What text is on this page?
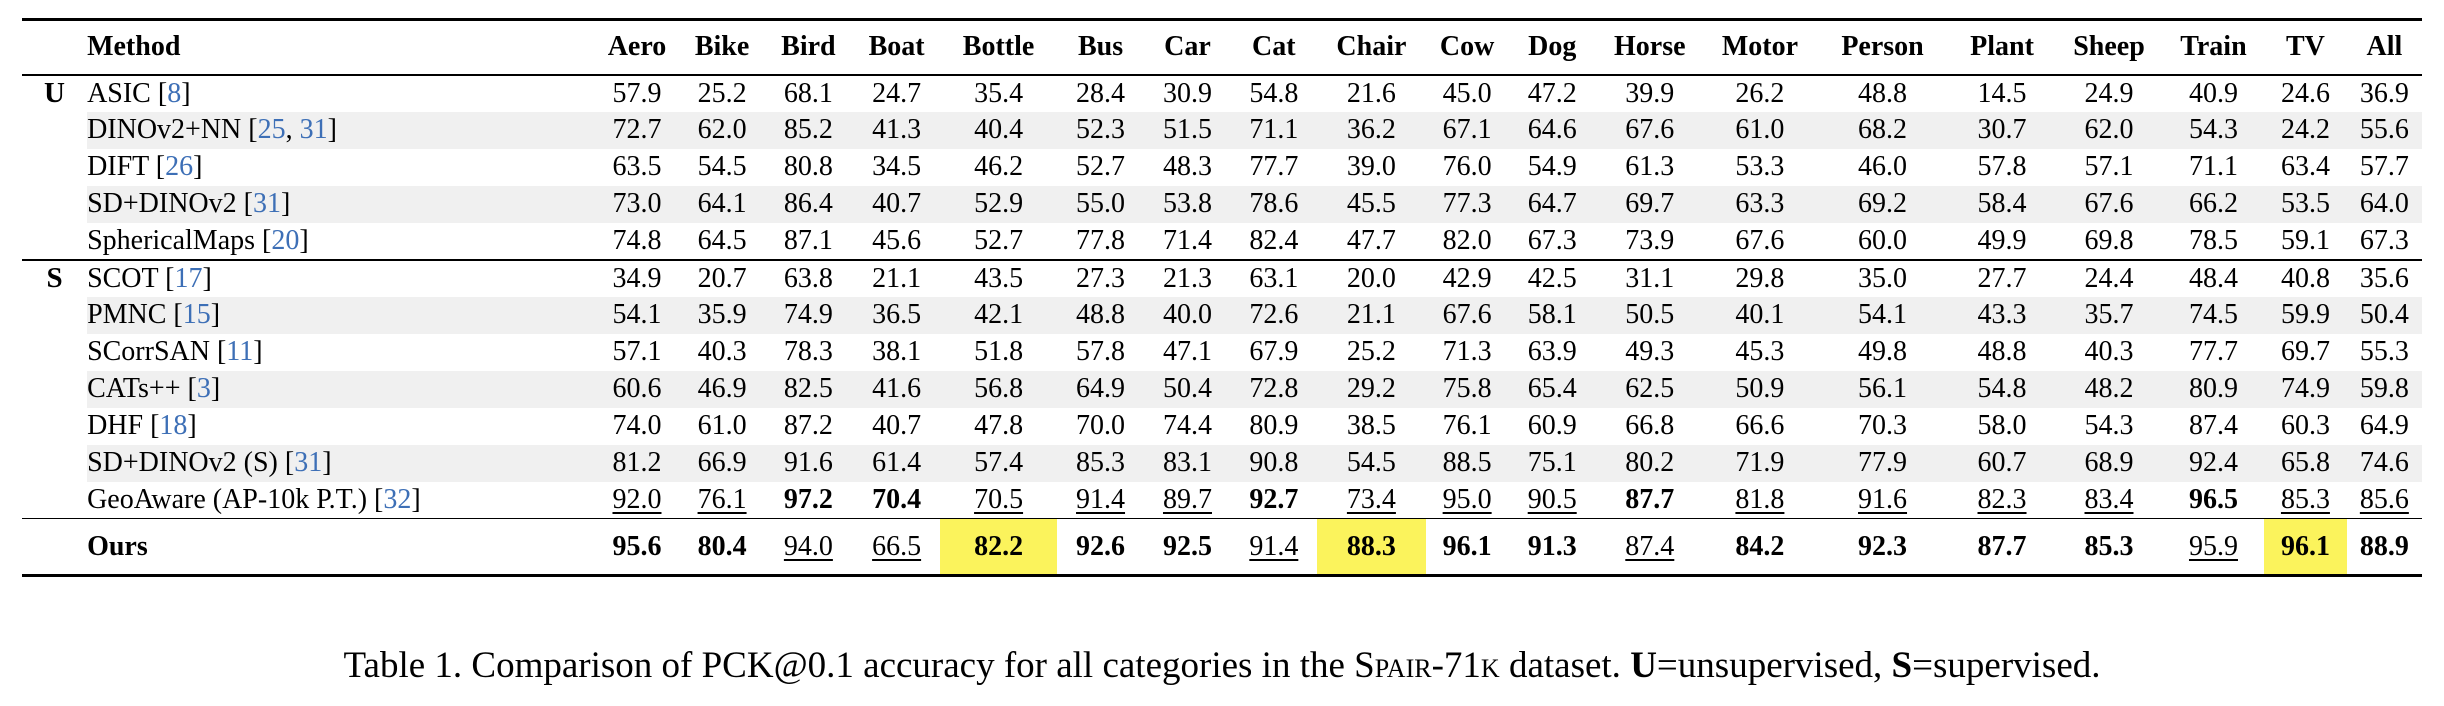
	Method	Aero	Bike	Bird	Boat	Bottle	Bus	Car	Cat	Chair	Cow	Dog	Horse	Motor	Person	Plant	Sheep	Train	TV	All
U	ASIC [8]	57.9	25.2	68.1	24.7	35.4	28.4	30.9	54.8	21.6	45.0	47.2	39.9	26.2	48.8	14.5	24.9	40.9	24.6	36.9
	DINOv2+NN [25, 31]	72.7	62.0	85.2	41.3	40.4	52.3	51.5	71.1	36.2	67.1	64.6	67.6	61.0	68.2	30.7	62.0	54.3	24.2	55.6
	DIFT [26]	63.5	54.5	80.8	34.5	46.2	52.7	48.3	77.7	39.0	76.0	54.9	61.3	53.3	46.0	57.8	57.1	71.1	63.4	57.7
	SD+DINOv2 [31]	73.0	64.1	86.4	40.7	52.9	55.0	53.8	78.6	45.5	77.3	64.7	69.7	63.3	69.2	58.4	67.6	66.2	53.5	64.0
	SphericalMaps [20]	74.8	64.5	87.1	45.6	52.7	77.8	71.4	82.4	47.7	82.0	67.3	73.9	67.6	60.0	49.9	69.8	78.5	59.1	67.3
S	SCOT [17]	34.9	20.7	63.8	21.1	43.5	27.3	21.3	63.1	20.0	42.9	42.5	31.1	29.8	35.0	27.7	24.4	48.4	40.8	35.6
	PMNC [15]	54.1	35.9	74.9	36.5	42.1	48.8	40.0	72.6	21.1	67.6	58.1	50.5	40.1	54.1	43.3	35.7	74.5	59.9	50.4
	SCorrSAN [11]	57.1	40.3	78.3	38.1	51.8	57.8	47.1	67.9	25.2	71.3	63.9	49.3	45.3	49.8	48.8	40.3	77.7	69.7	55.3
	CATs++ [3]	60.6	46.9	82.5	41.6	56.8	64.9	50.4	72.8	29.2	75.8	65.4	62.5	50.9	56.1	54.8	48.2	80.9	74.9	59.8
	DHF [18]	74.0	61.0	87.2	40.7	47.8	70.0	74.4	80.9	38.5	76.1	60.9	66.8	66.6	70.3	58.0	54.3	87.4	60.3	64.9
	SD+DINOv2 (S) [31]	81.2	66.9	91.6	61.4	57.4	85.3	83.1	90.8	54.5	88.5	75.1	80.2	71.9	77.9	60.7	68.9	92.4	65.8	74.6
	GeoAware (AP-10k P.T.) [32]	92.0	76.1	97.2	70.4	70.5	91.4	89.7	92.7	73.4	95.0	90.5	87.7	81.8	91.6	82.3	83.4	96.5	85.3	85.6
	Ours	95.6	80.4	94.0	66.5	82.2	92.6	92.5	91.4	88.3	96.1	91.3	87.4	84.2	92.3	87.7	85.3	95.9	96.1	88.9
Table 1. Comparison of PCK@0.1 accuracy for all categories in the Spair-71k dataset. U=unsupervised, S=supervised.
